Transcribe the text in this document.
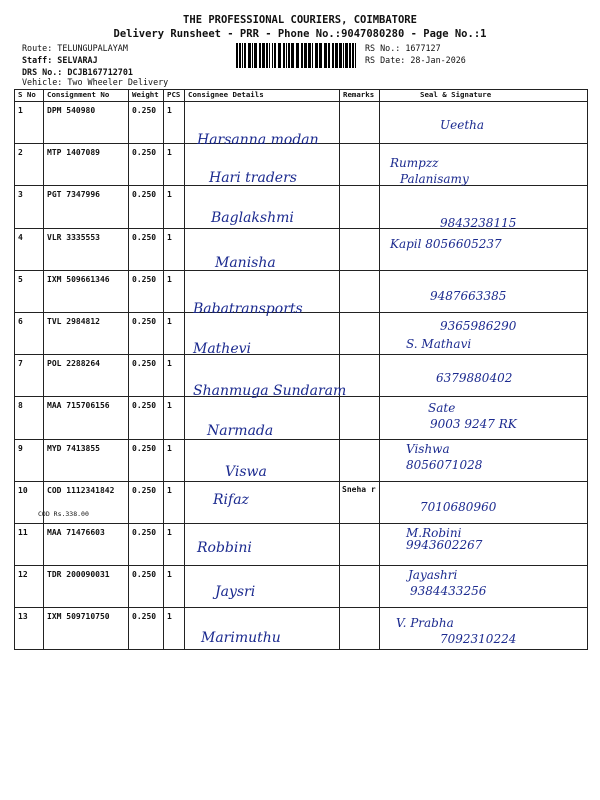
THE PROFESSIONAL COURIERS, COIMBATORE
Delivery Runsheet - PRR - Phone No.:9047080280 - Page No.:1
Route: TELUNGUPALAYAM
Staff: SELVARAJ
DRS No.: DCJB167712701
Vehicle: Two Wheeler Delivery
RS No.: 1677127
RS Date: 28-Jan-2026
S No	Consignment No	Weight	PCS	Consignee Details	Remarks	Seal & Signature

1	DPM 540980	0.250	1	Harsanna modan		Ueetha

2	MTP 1407089	0.250	1	Hari traders		Rumpzz
Palanisamy

3	PGT 7347996	0.250	1	Baglakshmi		9843238115

4	VLR 3335553	0.250	1	Manisha		Kapil 8056605237

5	IXM 509661346	0.250	1	Babatransports		9487663385

6	TVL 2984812	0.250	1	Mathevi		9365986290
S. Mathavi

7	POL 2288264	0.250	1	Shanmuga Sundaram		6379880402

8	MAA 715706156	0.250	1	Narmada		Sate
9003 9247 RK

9	MYD 7413855	0.250	1	Viswa		Vishwa
8056071028

10	COD 1112341842
COD Rs.338.00	0.250	1	Rifaz	Sneha r	7010680960

11	MAA 71476603	0.250	1	Robbini		M.Robini
9943602267

12	TDR 200090031	0.250	1	Jaysri		Jayashri
9384433256

13	IXM 509710750	0.250	1	Marimuthu		V. Prabha
7092310224
